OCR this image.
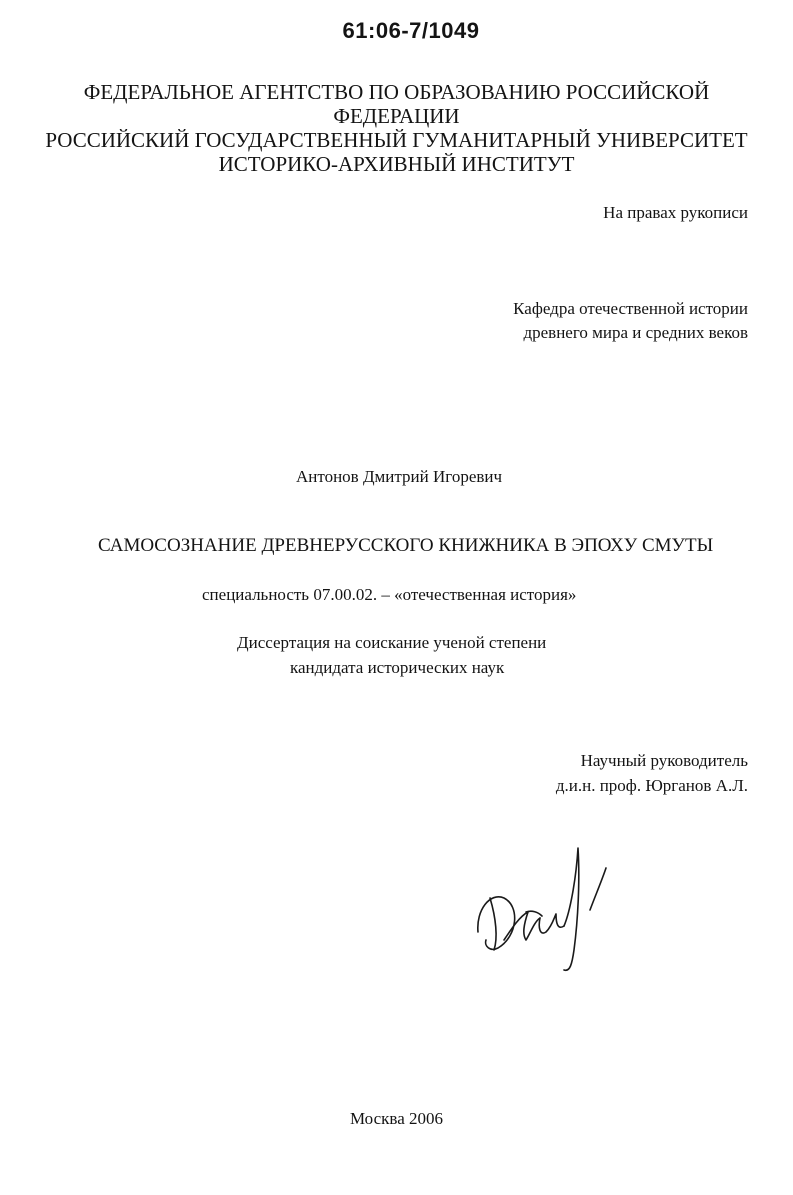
61:06-7/1049
ФЕДЕРАЛЬНОЕ АГЕНТСТВО ПО ОБРАЗОВАНИЮ РОССИЙСКОЙ
ФЕДЕРАЦИИ
РОССИЙСКИЙ ГОСУДАРСТВЕННЫЙ ГУМАНИТАРНЫЙ УНИВЕРСИТЕТ
ИСТОРИКО-АРХИВНЫЙ ИНСТИТУТ
На правах рукописи
Кафедра отечественной истории
древнего мира и средних веков
Антонов Дмитрий Игоревич
САМОСОЗНАНИЕ ДРЕВНЕРУССКОГО КНИЖНИКА В ЭПОХУ СМУТЫ
специальность 07.00.02. – «отечественная история»
Диссертация на соискание ученой степени
кандидата исторических наук
Научный руководитель
д.и.н. проф. Юрганов А.Л.
Москва 2006
